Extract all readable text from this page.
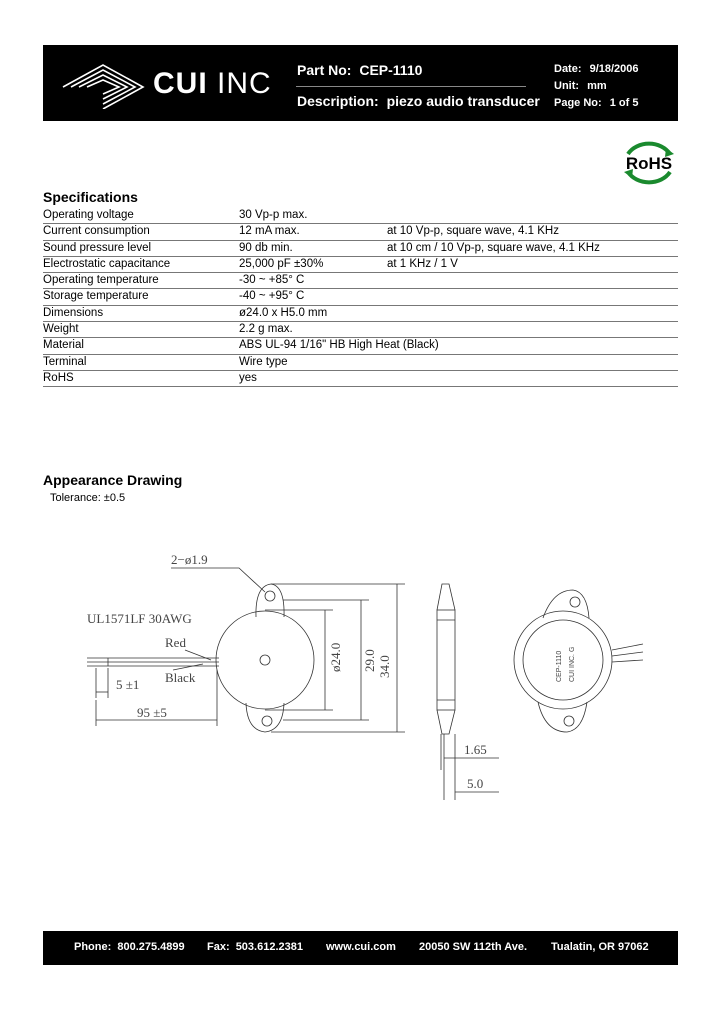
CUI INC Part No: CEP-1110
Description: piezo audio transducer
Date: 9/18/2006
Unit: mm
Page No: 1 of 5
RoHS
Specifications
Operating voltage	30 Vp-p max.
Current consumption	12 mA max.	at 10 Vp-p, square wave, 4.1 KHz
Sound pressure level	90 db min.	at 10 cm / 10 Vp-p, square wave, 4.1 KHz
Electrostatic capacitance	25,000 pF ±30%	at 1 KHz / 1 V
Operating temperature	-30 ~ +85° C
Storage temperature	-40 ~ +95° C
Dimensions	ø24.0 x H5.0 mm
Weight	2.2 g max.
Material	ABS UL-94 1/16" HB High Heat (Black)
Terminal	Wire type
RoHS	yes
Appearance Drawing
Tolerance: ±0.5
2−ø1.9
UL1571LF 30AWG
Red
Black
5 ±1
95 ±5
ø24.0 29.0 34.0
1.65
5.0
CEP-1110 CUI INC. G
Phone: 800.275.4899 Fax: 503.612.2381 www.cui.com 20050 SW 112th Ave. Tualatin, OR 97062
